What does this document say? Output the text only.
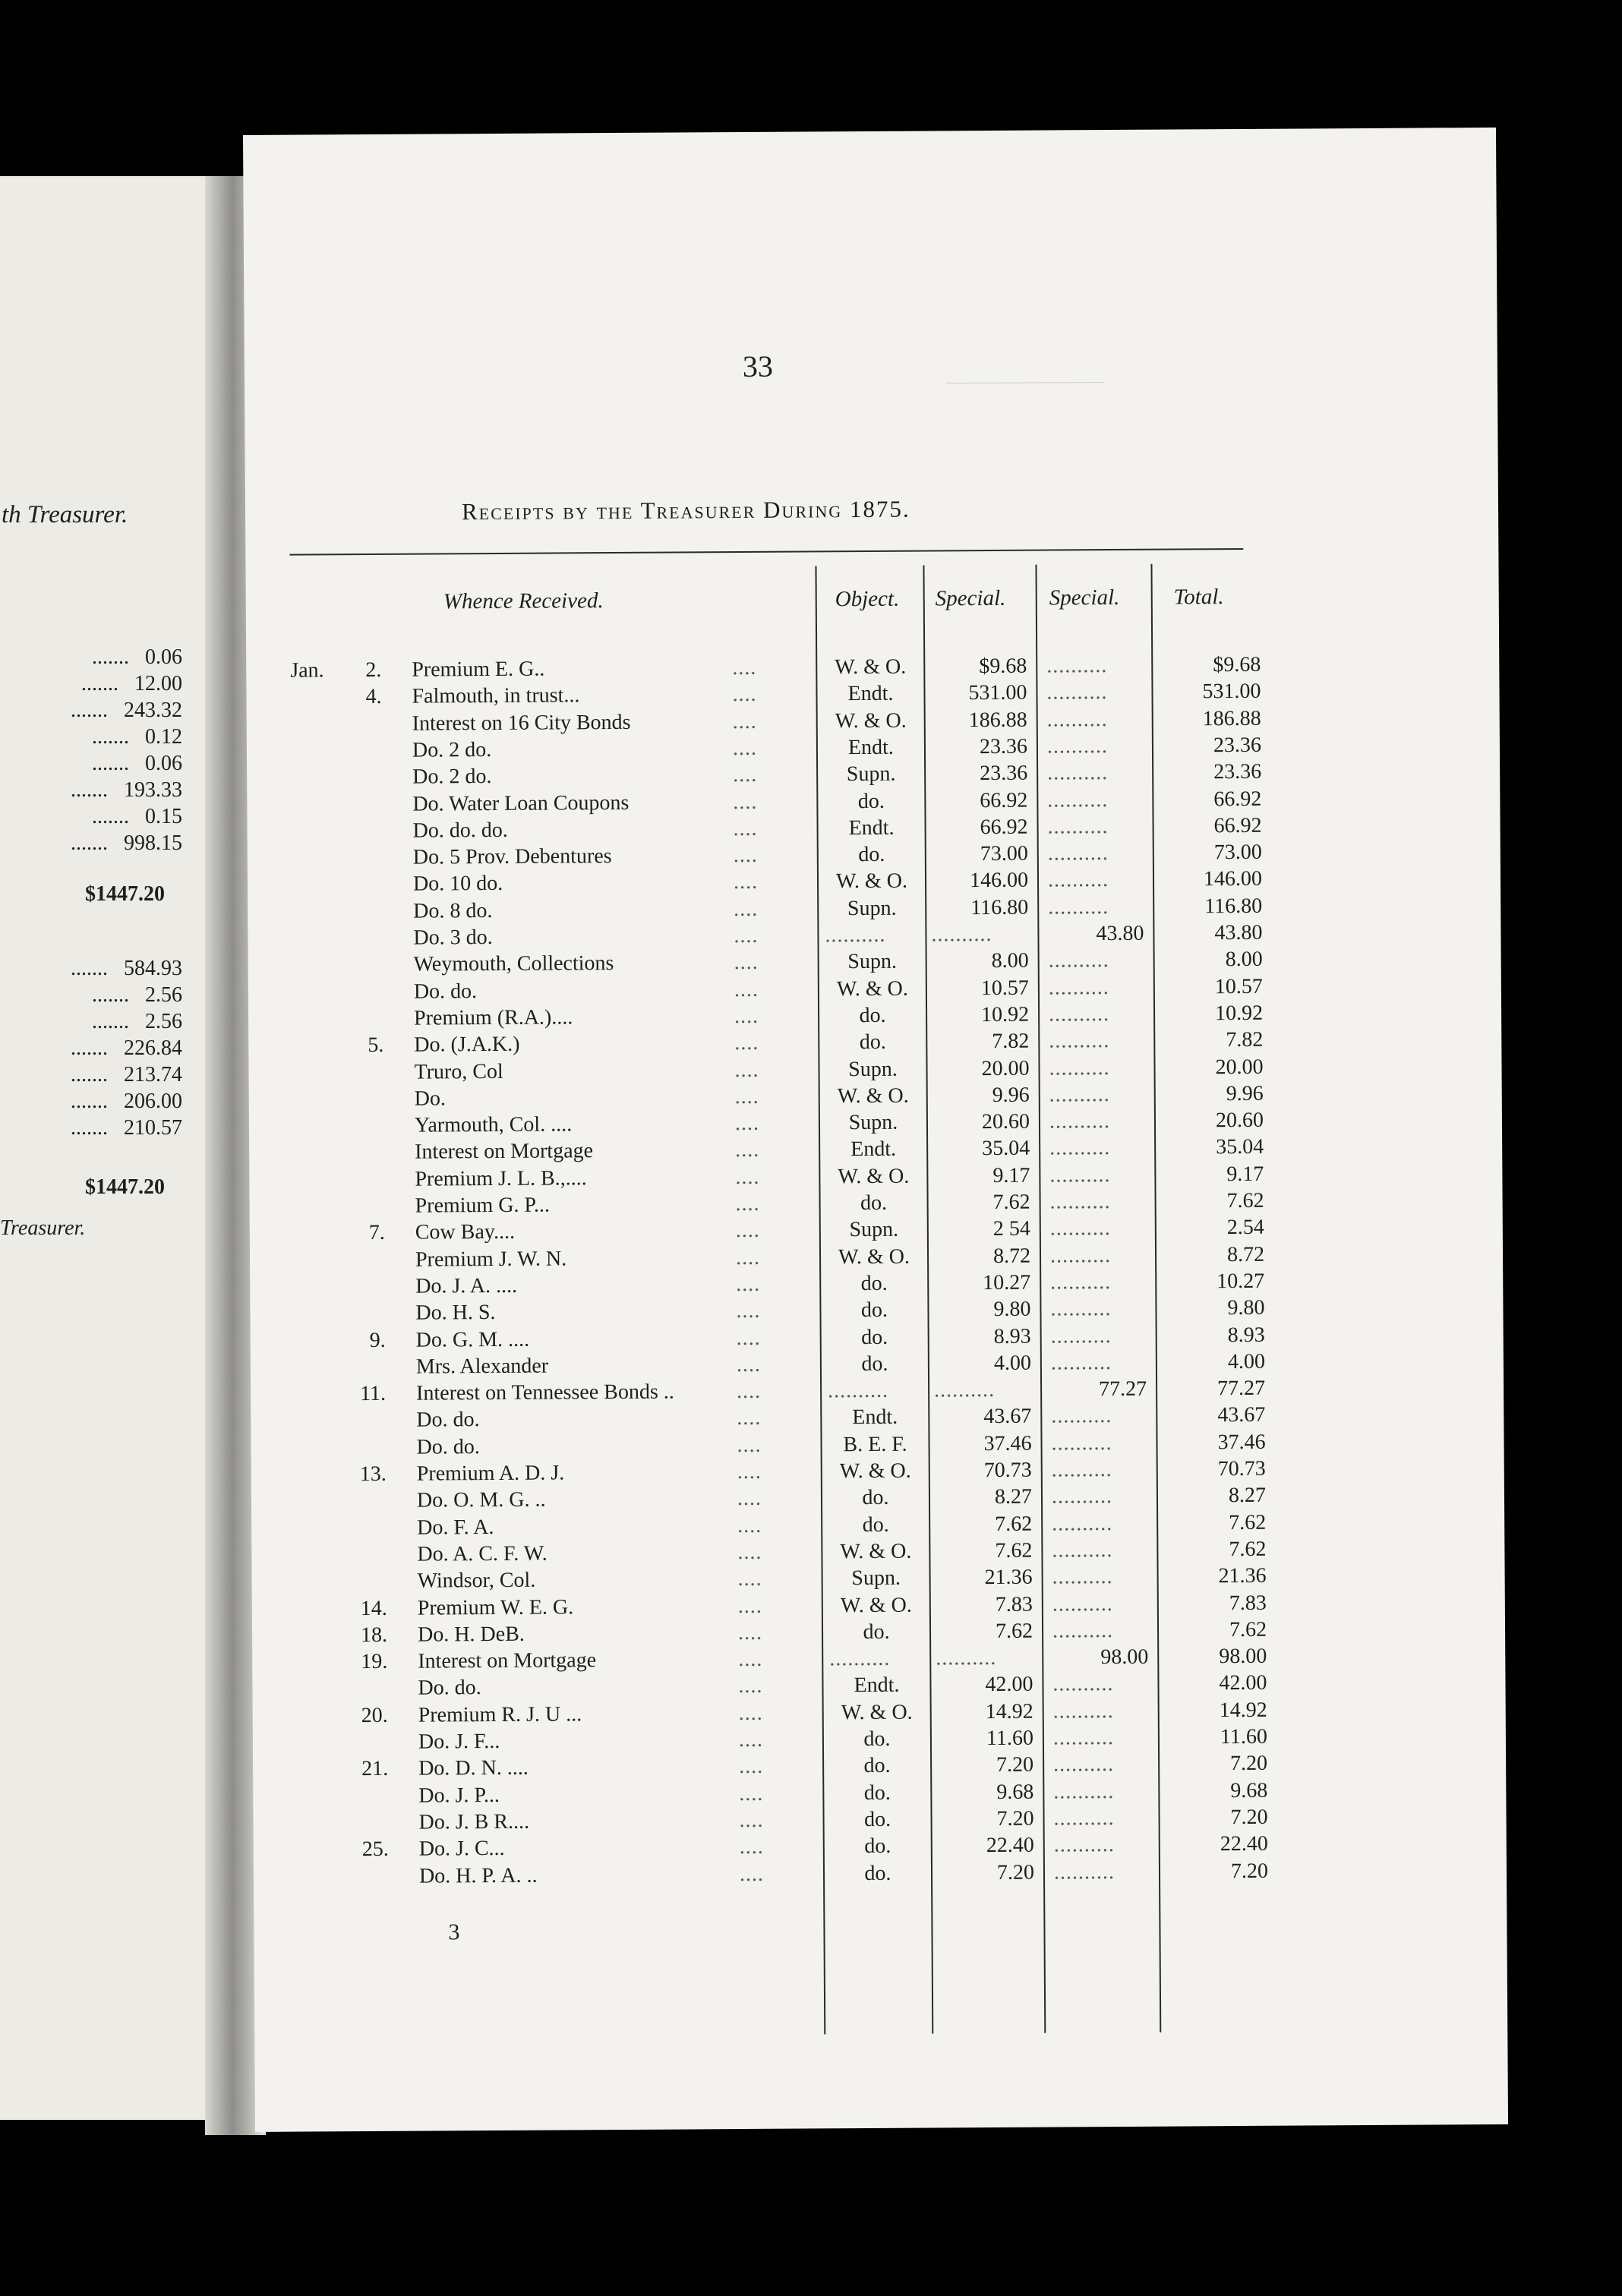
th Treasurer.
.......   0.06
.......   12.00
.......   243.32
.......   0.12
.......   0.06
.......   193.33
.......   0.15
.......   998.15
$1447.20
.......   584.93
.......   2.56
.......   2.56
.......   226.84
.......   213.74
.......   206.00
.......   210.57
$1447.20
Treasurer.
‾‾‾‾‾‾‾‾‾‾‾‾‾‾‾‾‾‾‾‾‾‾
33
Receipts by the Treasurer During 1875.
Whence Received.	Object. Special. Special. Total.
Jan.	2. Premium E. G..	....	W. & O.	$9.68 ..........	$9.68
4. Falmouth, in trust...	....	Endt.	531.00 ..........	531.00
Interest on 16 City Bonds	....	W. & O.	186.88 ..........	186.88
Do. 2 do.	....	Endt.	23.36 ..........	23.36
Do. 2 do.	....	Supn.	23.36 ..........	23.36
Do. Water Loan Coupons	....	do.	66.92 ..........	66.92
Do. do. do.	....	Endt.	66.92 ..........	66.92
Do. 5 Prov. Debentures	....	do.	73.00 ..........	73.00
Do. 10 do.	....	W. & O.	146.00 ..........	146.00
Do. 8 do.	....	Supn.	116.80 ..........	116.80
Do. 3 do.	....	.......... ..........	43.80	43.80
Weymouth, Collections	....	Supn.	8.00 ..........	8.00
Do. do.	....	W. & O.	10.57 ..........	10.57
Premium (R.A.)....	....	do.	10.92 ..........	10.92
5. Do. (J.A.K.)	....	do.	7.82 ..........	7.82
Truro, Col	....	Supn.	20.00 ..........	20.00
Do.	....	W. & O.	9.96 ..........	9.96
Yarmouth, Col. ....	....	Supn.	20.60 ..........	20.60
Interest on Mortgage	....	Endt.	35.04 ..........	35.04
Premium J. L. B.,....	....	W. & O.	9.17 ..........	9.17
Premium G. P...	....	do.	7.62 ..........	7.62
7. Cow Bay....	....	Supn.	2 54 ..........	2.54
Premium J. W. N.	....	W. & O.	8.72 ..........	8.72
Do. J. A. ....	....	do.	10.27 ..........	10.27
Do. H. S.	....	do.	9.80 ..........	9.80
9. Do. G. M. ....	....	do.	8.93 ..........	8.93
Mrs. Alexander	....	do.	4.00 ..........	4.00
11. Interest on Tennessee Bonds ..	....	.......... ..........	77.27	77.27
Do. do.	....	Endt.	43.67 ..........	43.67
Do. do.	....	B. E. F.	37.46 ..........	37.46
13. Premium A. D. J.	....	W. & O.	70.73 ..........	70.73
Do. O. M. G. ..	....	do.	8.27 ..........	8.27
Do. F. A.	....	do.	7.62 ..........	7.62
Do. A. C. F. W.	....	W. & O.	7.62 ..........	7.62
Windsor, Col.	....	Supn.	21.36 ..........	21.36
14. Premium W. E. G.	....	W. & O.	7.83 ..........	7.83
18. Do. H. DeB.	....	do.	7.62 ..........	7.62
19. Interest on Mortgage	....	.......... ..........	98.00	98.00
Do. do.	....	Endt.	42.00 ..........	42.00
20. Premium R. J. U ...	....	W. & O.	14.92 ..........	14.92
Do. J. F...	....	do.	11.60 ..........	11.60
21. Do. D. N. ....	....	do.	7.20 ..........	7.20
Do. J. P...	....	do.	9.68 ..........	9.68
Do. J. B R....	....	do.	7.20 ..........	7.20
25. Do. J. C...	....	do.	22.40 ..........	22.40
Do. H. P. A. ..	....	do.	7.20 ..........	7.20
3
